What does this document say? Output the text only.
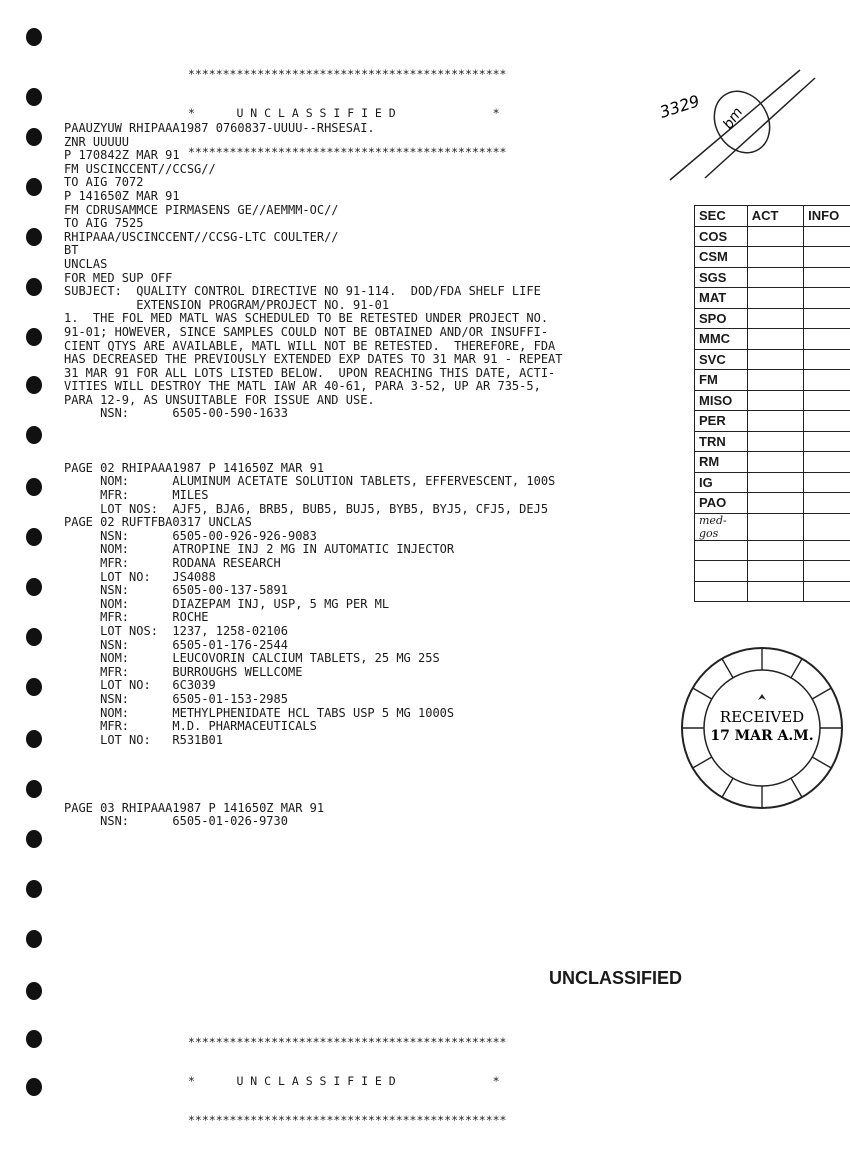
**********************************************

*      U N C L A S S I F I E D              *

**********************************************

PAAUZYUW RHIPAAA1987 0760837-UUUU--RHSESAI.
ZNR UUUUU
P 170842Z MAR 91
FM USCINCCENT//CCSG//
TO AIG 7072
P 141650Z MAR 91
FM CDRUSAMMCE PIRMASENS GE//AEMMM-OC//
TO AIG 7525
RHIPAAA/USCINCCENT//CCSG-LTC COULTER//
BT
UNCLAS
FOR MED SUP OFF
SUBJECT:  QUALITY CONTROL DIRECTIVE NO 91-114.  DOD/FDA SHELF LIFE
EXTENSION PROGRAM/PROJECT NO. 91-01
1.  THE FOL MED MATL WAS SCHEDULED TO BE RETESTED UNDER PROJECT NO.
91-01; HOWEVER, SINCE SAMPLES COULD NOT BE OBTAINED AND/OR INSUFFI-
CIENT QTYS ARE AVAILABLE, MATL WILL NOT BE RETESTED.  THEREFORE, FDA
HAS DECREASED THE PREVIOUSLY EXTENDED EXP DATES TO 31 MAR 91 - REPEAT
31 MAR 91 FOR ALL LOTS LISTED BELOW.  UPON REACHING THIS DATE, ACTI-
VITIES WILL DESTROY THE MATL IAW AR 40-61, PARA 3-52, UP AR 735-5,
PARA 12-9, AS UNSUITABLE FOR ISSUE AND USE.
NSN:      6505-00-590-1633
PAGE 02 RHIPAAA1987 P 141650Z MAR 91
NOM:      ALUMINUM ACETATE SOLUTION TABLETS, EFFERVESCENT, 100S
MFR:      MILES
LOT NOS:  AJF5, BJA6, BRB5, BUB5, BUJ5, BYB5, BYJ5, CFJ5, DEJ5
PAGE 02 RUFTFBA0317 UNCLAS
NSN:      6505-00-926-926-9083
NOM:      ATROPINE INJ 2 MG IN AUTOMATIC INJECTOR
MFR:      RODANA RESEARCH
LOT NO:   JS4088
NSN:      6505-00-137-5891
NOM:      DIAZEPAM INJ, USP, 5 MG PER ML
MFR:      ROCHE
LOT NOS:  1237, 1258-02106
NSN:      6505-01-176-2544
NOM:      LEUCOVORIN CALCIUM TABLETS, 25 MG 25S
MFR:      BURROUGHS WELLCOME
LOT NO:   6C3039
NSN:      6505-01-153-2985
NOM:      METHYLPHENIDATE HCL TABS USP 5 MG 1000S
MFR:      M.D. PHARMACEUTICALS
LOT NO:   R531B01
PAGE 03 RHIPAAA1987 P 141650Z MAR 91
NSN:      6505-01-026-9730
3329 bm
SEC	ACT	INFO
COS		
CSM		
SGS		
MAT		
SPO		
MMC		
SVC		
FM		
MISO		
PER		
TRN		
RM		
IG		
PAO		
med-gos		

RECEIVED
17 MAR A.M.
UNCLASSIFIED

**********************************************

*      U N C L A S S I F I E D              *

**********************************************
